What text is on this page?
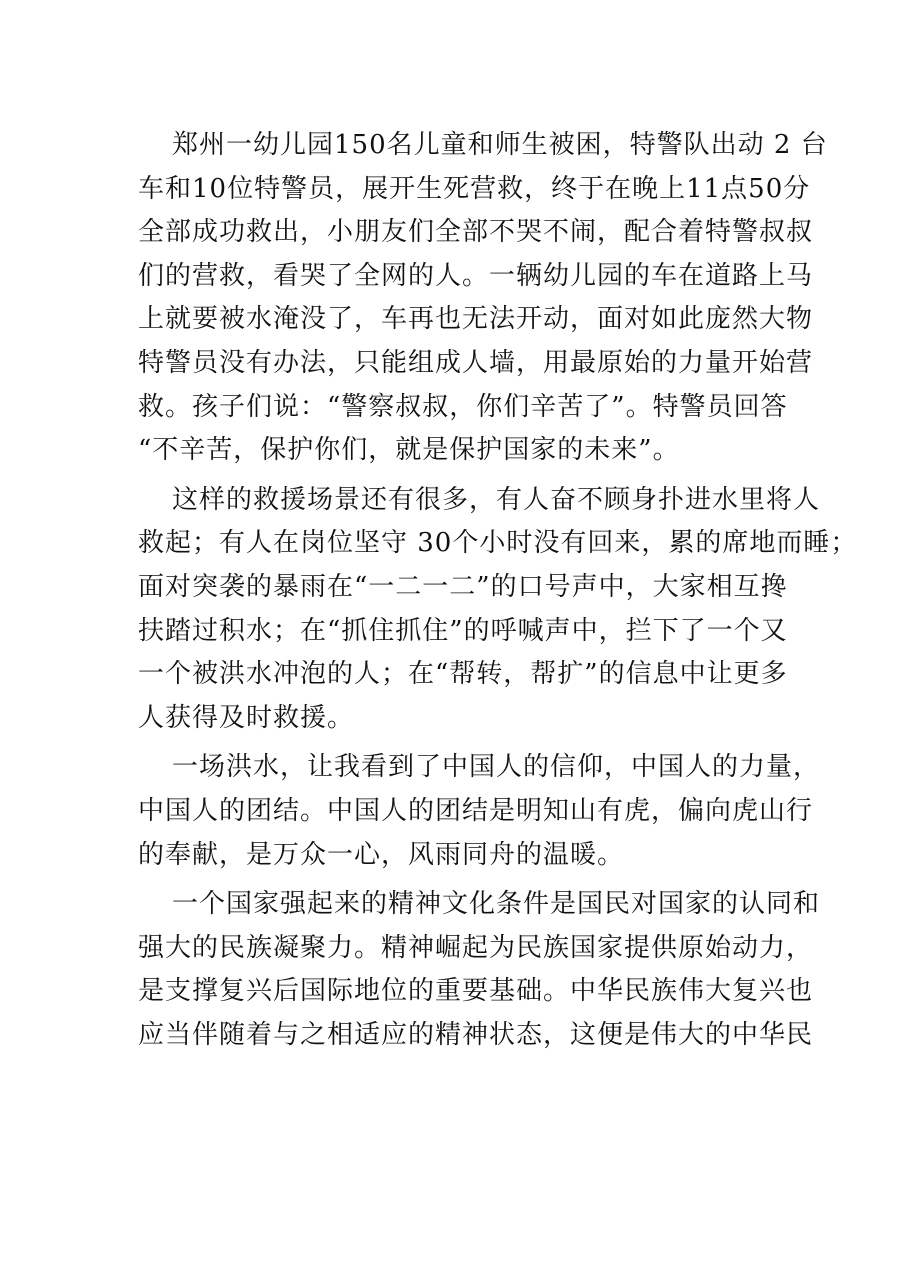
郑州一幼儿园150名儿童和师生被困，特警队出动 2 台
车和10位特警员，展开生死营救，终于在晚上11点50分
全部成功救出，小朋友们全部不哭不闹，配合着特警叔叔
们的营救，看哭了全网的人。一辆幼儿园的车在道路上马
上就要被水淹没了，车再也无法开动，面对如此庞然大物
特警员没有办法，只能组成人墙，用最原始的力量开始营
救。孩子们说：“警察叔叔，你们辛苦了”。特警员回答
“不辛苦，保护你们，就是保护国家的未来”。

这样的救援场景还有很多，有人奋不顾身扑进水里将人
救起；有人在岗位坚守 30个小时没有回来，累的席地而睡；
面对突袭的暴雨在“一二一二”的口号声中，大家相互搀
扶踏过积水；在“抓住抓住”的呼喊声中，拦下了一个又
一个被洪水冲泡的人；在“帮转，帮扩”的信息中让更多
人获得及时救援。

一场洪水，让我看到了中国人的信仰，中国人的力量，
中国人的团结。中国人的团结是明知山有虎，偏向虎山行
的奉献，是万众一心，风雨同舟的温暖。

一个国家强起来的精神文化条件是国民对国家的认同和
强大的民族凝聚力。精神崛起为民族国家提供原始动力，
是支撑复兴后国际地位的重要基础。中华民族伟大复兴也
应当伴随着与之相适应的精神状态，这便是伟大的中华民
